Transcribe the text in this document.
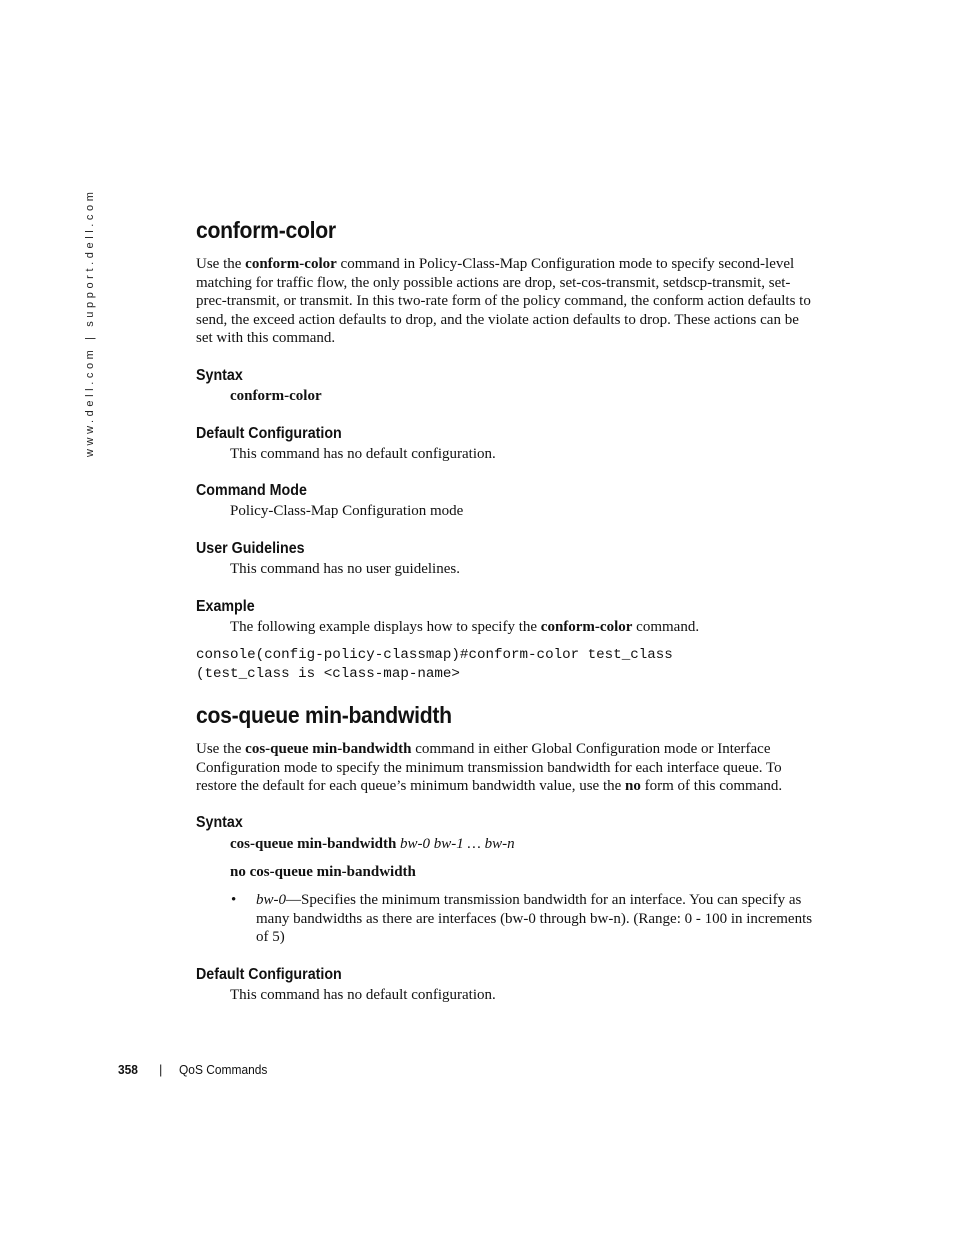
www.dell.com | support.dell.com	conform-color

Use the conform-color command in Policy-Class-Map Configuration mode to specify second-level matching for traffic flow, the only possible actions are drop, set-cos-transmit, setdscp-transmit, set-prec-transmit, or transmit. In this two-rate form of the policy command, the conform action defaults to send, the exceed action defaults to drop, and the violate action defaults to drop. These actions can be set with this command.

Syntax

conform-color

Default Configuration

This command has no default configuration.

Command Mode

Policy-Class-Map Configuration mode

User Guidelines

This command has no user guidelines.

Example

The following example displays how to specify the conform-color command.

console(config-policy-classmap)#conform-color test_class
(test_class is <class-map-name>
cos-queue min-bandwidth

Use the cos-queue min-bandwidth command in either Global Configuration mode or Interface Configuration mode to specify the minimum transmission bandwidth for each interface queue. To restore the default for each queue’s minimum bandwidth value, use the no form of this command.

Syntax

cos-queue min-bandwidth bw-0 bw-1 … bw-n

no cos-queue min-bandwidth

• bw-0—Specifies the minimum transmission bandwidth for an interface. You can specify as many bandwidths as there are interfaces (bw-0 through bw-n). (Range: 0 - 100 in increments of 5)

Default Configuration

This command has no default configuration.

358 | QoS Commands
